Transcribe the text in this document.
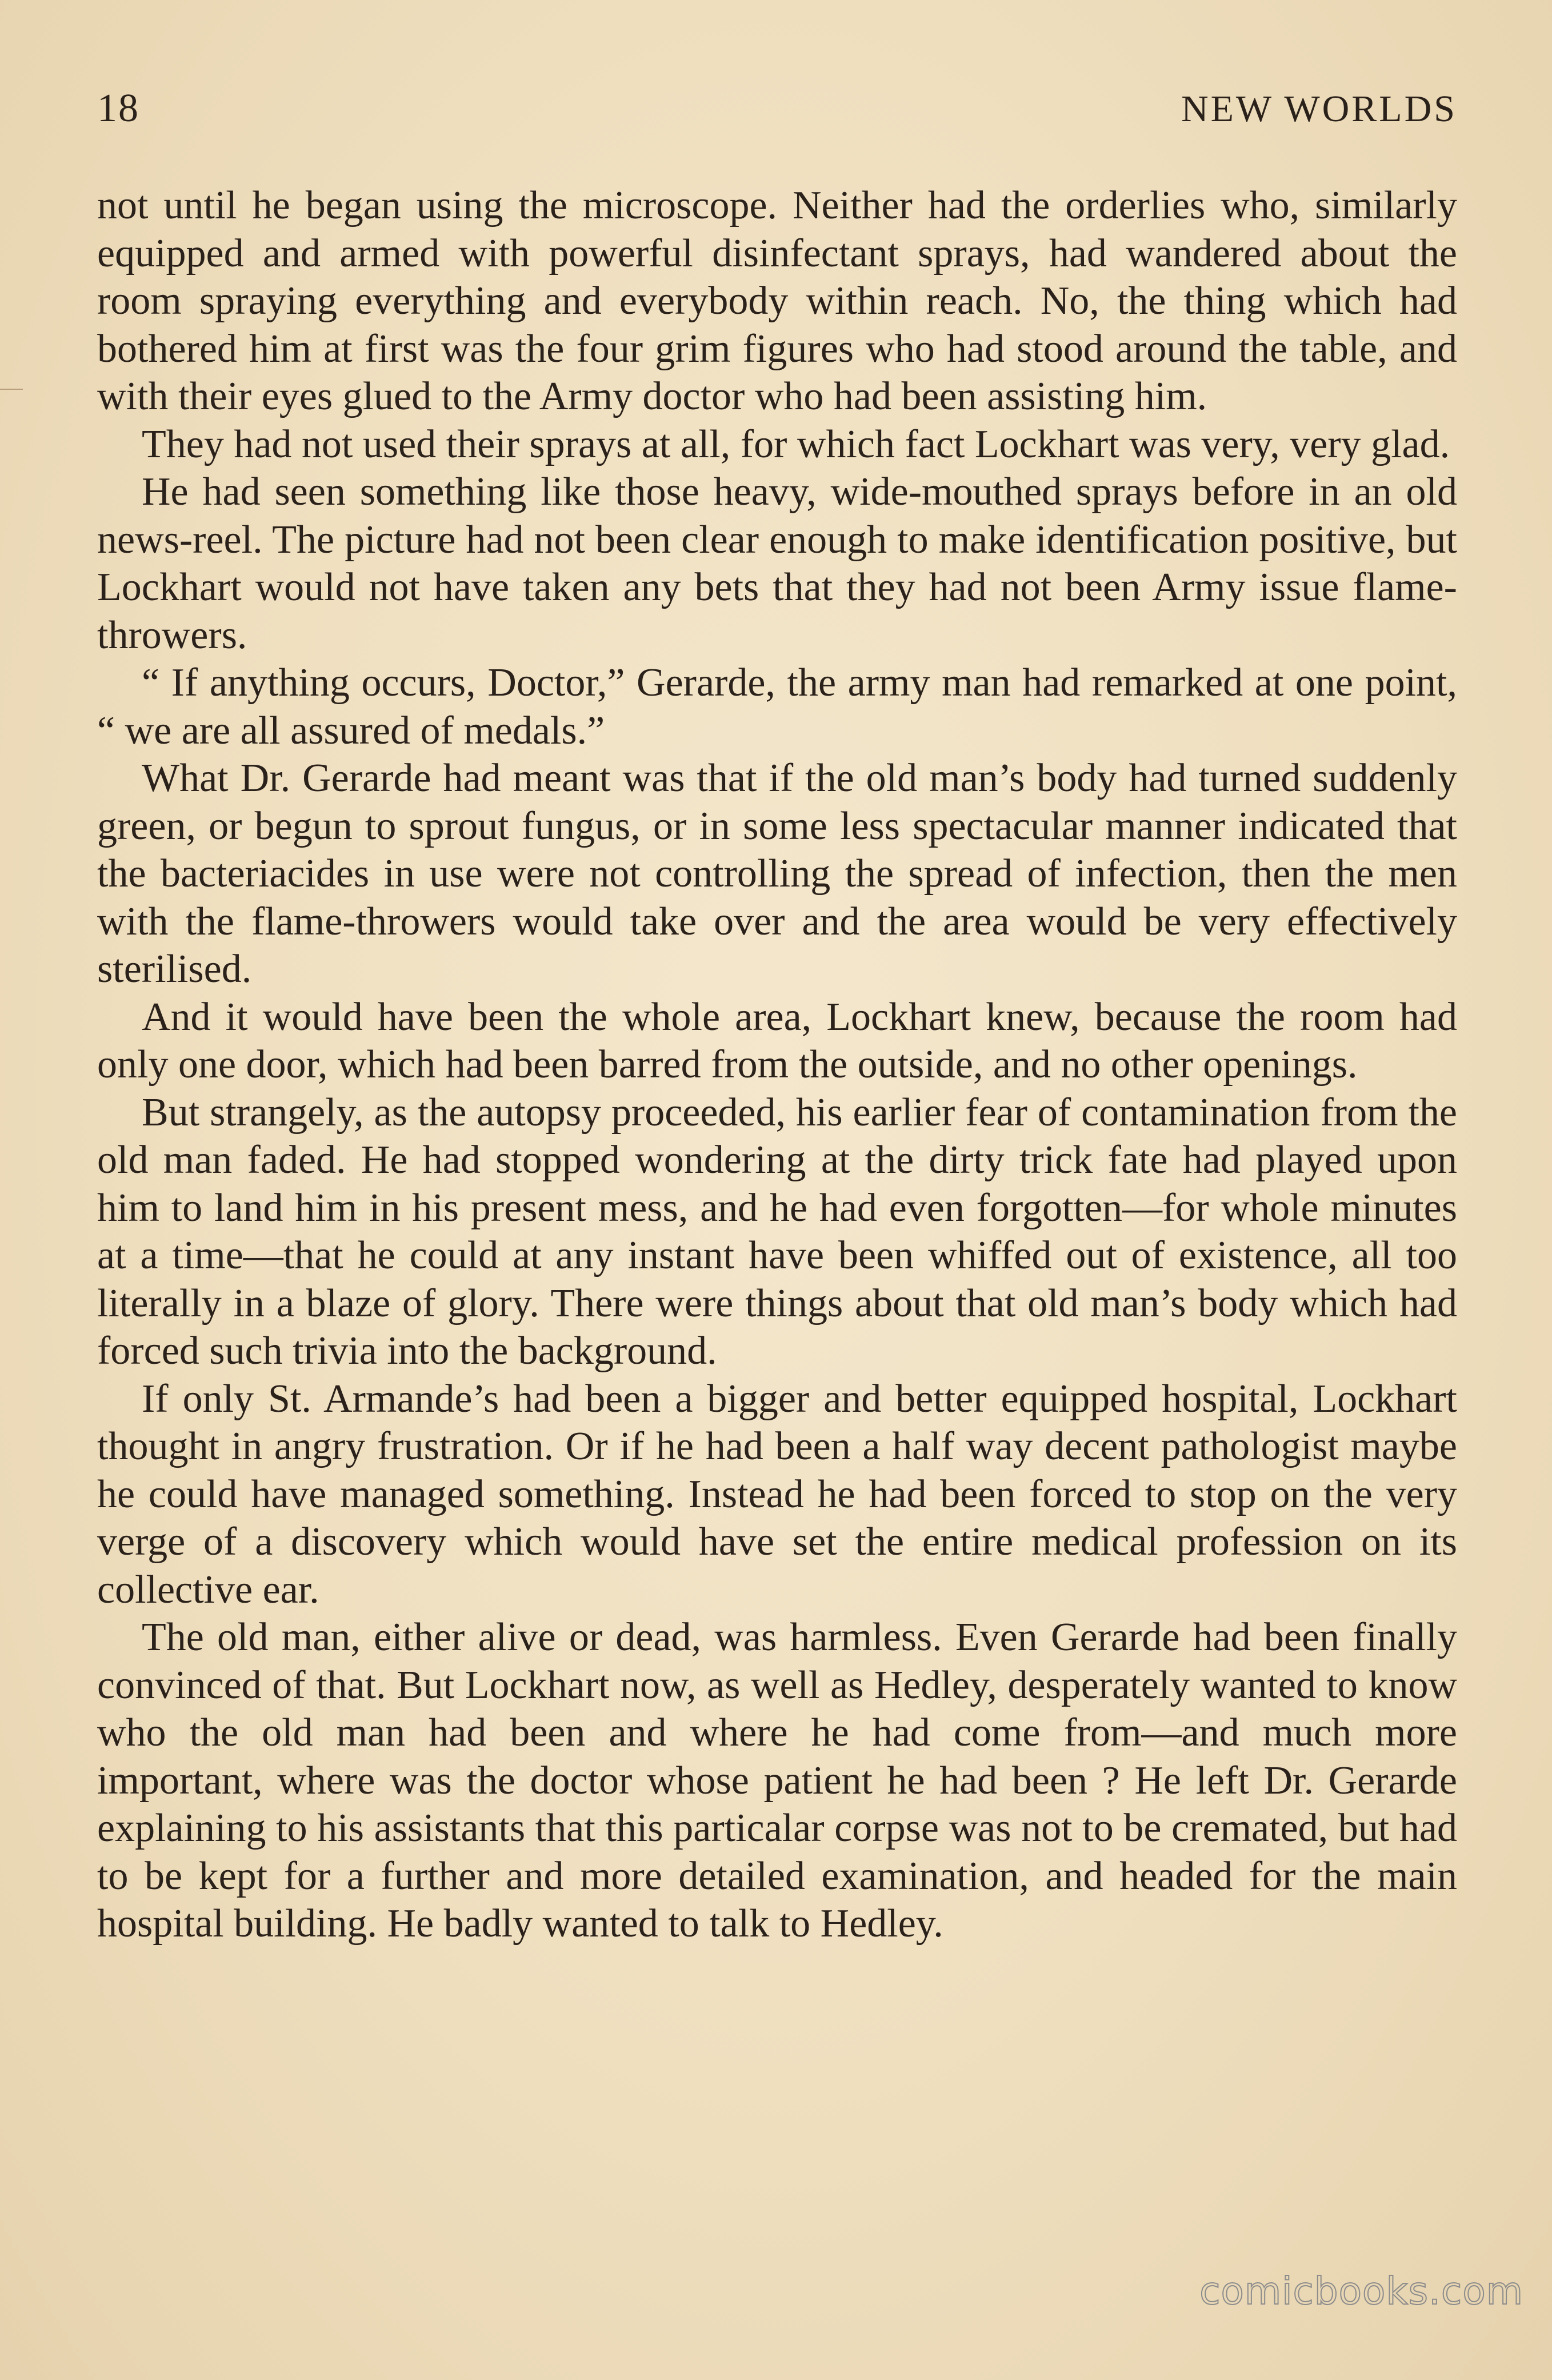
18	NEW WORLDS

not until he began using the microscope. Neither had the orderlies who, similarly equipped and armed with powerful disinfectant sprays, had wandered about the room spraying everything and everybody within reach. No, the thing which had bothered him at first was the four grim figures who had stood around the table, and with their eyes glued to the Army doctor who had been assisting him.

They had not used their sprays at all, for which fact Lockhart was very, very glad.

He had seen something like those heavy, wide-mouthed sprays before in an old news-reel. The picture had not been clear enough to make identification positive, but Lockhart would not have taken any bets that they had not been Army issue flame-throwers.

“ If anything occurs, Doctor,” Gerarde, the army man had remarked at one point, “ we are all assured of medals.”

What Dr. Gerarde had meant was that if the old man’s body had turned suddenly green, or begun to sprout fungus, or in some less spectacular manner indicated that the bacteriacides in use were not controlling the spread of infection, then the men with the flame-throwers would take over and the area would be very effectively sterilised.

And it would have been the whole area, Lockhart knew, because the room had only one door, which had been barred from the outside, and no other openings.

But strangely, as the autopsy proceeded, his earlier fear of contamination from the old man faded. He had stopped wondering at the dirty trick fate had played upon him to land him in his present mess, and he had even forgotten—for whole minutes at a time—that he could at any instant have been whiffed out of existence, all too literally in a blaze of glory. There were things about that old man’s body which had forced such trivia into the background.

If only St. Armande’s had been a bigger and better equipped hospital, Lockhart thought in angry frustration. Or if he had been a half way decent pathologist maybe he could have managed something. Instead he had been forced to stop on the very verge of a discovery which would have set the entire medical profession on its collective ear.

The old man, either alive or dead, was harmless. Even Gerarde had been finally convinced of that. But Lockhart now, as well as Hedley, desperately wanted to know who the old man had been and where he had come from—and much more important, where was the doctor whose patient he had been ? He left Dr. Gerarde explaining to his assistants that this particalar corpse was not to be cremated, but had to be kept for a further and more detailed examination, and headed for the main hospital building. He badly wanted to talk to Hedley.

comicbooks.com
